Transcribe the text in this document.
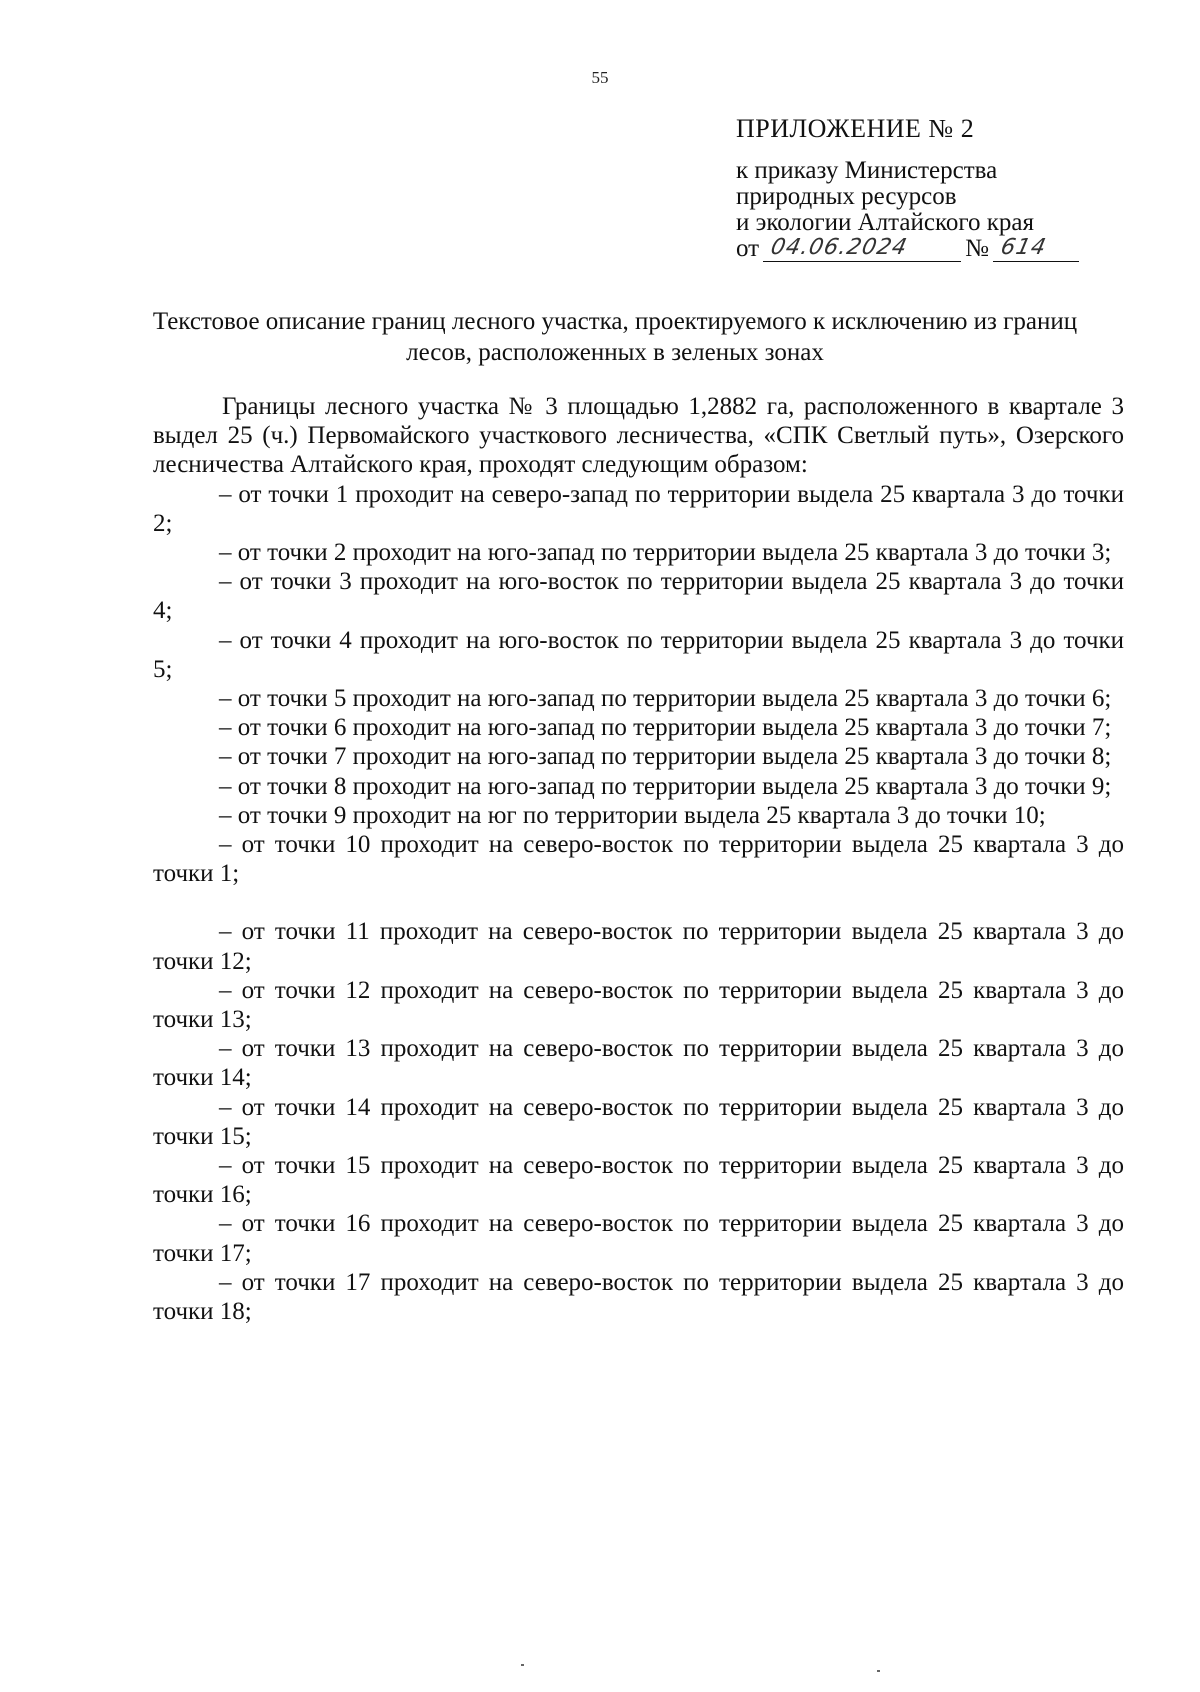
55
ПРИЛОЖЕНИЕ № 2
к приказу Министерства
природных ресурсов
и экологии Алтайского края
от 04.06.2024 № 614
Текстовое описание границ лесного участка, проектируемого к исключению из границ лесов, расположенных в зеленых зонах

Границы лесного участка № 3 площадью 1,2882 га, расположенного в квартале 3 выдел 25 (ч.) Первомайского участкового лесничества, «СПК Светлый путь», Озерского лесничества Алтайского края, проходят следующим образом:

– от точки 1 проходит на северо-запад по территории выдела 25 квартала 3 до точки 2;

– от точки 2 проходит на юго-запад по территории выдела 25 квартала 3 до точки 3;

– от точки 3 проходит на юго-восток по территории выдела 25 квартала 3 до точки 4;

– от точки 4 проходит на юго-восток по территории выдела 25 квартала 3 до точки 5;

– от точки 5 проходит на юго-запад по территории выдела 25 квартала 3 до точки 6;

– от точки 6 проходит на юго-запад по территории выдела 25 квартала 3 до точки 7;

– от точки 7 проходит на юго-запад по территории выдела 25 квартала 3 до точки 8;

– от точки 8 проходит на юго-запад по территории выдела 25 квартала 3 до точки 9;

– от точки 9 проходит на юг по территории выдела 25 квартала 3 до точки 10;

– от точки 10 проходит на северо-восток по территории выдела 25 квартала 3 до точки 1;

– от точки 11 проходит на северо-восток по территории выдела 25 квартала 3 до точки 12;

– от точки 12 проходит на северо-восток по территории выдела 25 квартала 3 до точки 13;

– от точки 13 проходит на северо-восток по территории выдела 25 квартала 3 до точки 14;

– от точки 14 проходит на северо-восток по территории выдела 25 квартала 3 до точки 15;

– от точки 15 проходит на северо-восток по территории выдела 25 квартала 3 до точки 16;

– от точки 16 проходит на северо-восток по территории выдела 25 квартала 3 до точки 17;

– от точки 17 проходит на северо-восток по территории выдела 25 квартала 3 до точки 18;
